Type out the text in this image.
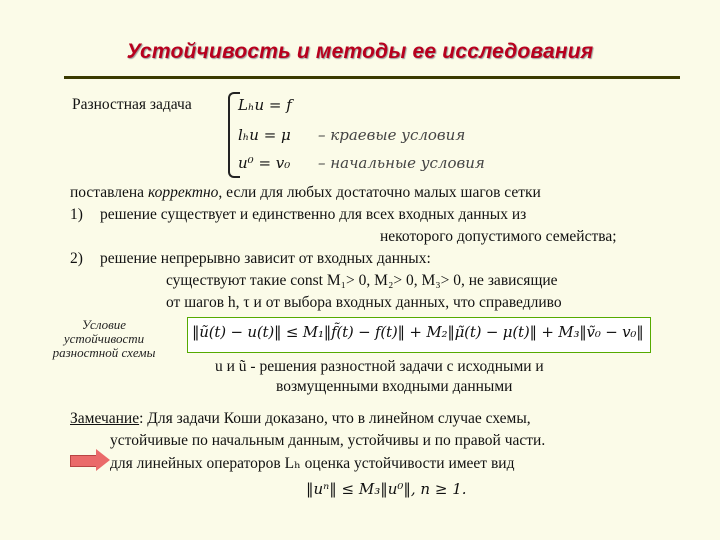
Устойчивость и методы ее исследования
Разностная задача	Lₕu = f
lₕu = μ – краевые условия
u⁰ = v₀ – начальные условия
поставлена корректно, если для любых достаточно малых шагов сетки
1) решение существует и единственно для всех входных данных из
некоторого допустимого семейства;
2) решение непрерывно зависит от входных данных:
существуют такие const M₁> 0, M₂> 0, M₃> 0, не зависящие
от шагов h, τ и от выбора входных данных, что справедливо
Условие
устойчивости
разностной схемы
‖ũ(t) − u(t)‖ ≤ M₁‖f̃(t) − f(t)‖ + M₂‖μ̃(t) − μ(t)‖ + M₃‖ṽ₀ − v₀‖
u и ũ - решения разностной задачи с исходными и
возмущенными входными данными
Замечание: Для задачи Коши доказано, что в линейном случае схемы,
устойчивые по начальным данным, устойчивы и по правой части.
для линейных операторов Lₕ оценка устойчивости имеет вид
‖uⁿ‖ ≤ M₃‖u⁰‖, n ≥ 1.
